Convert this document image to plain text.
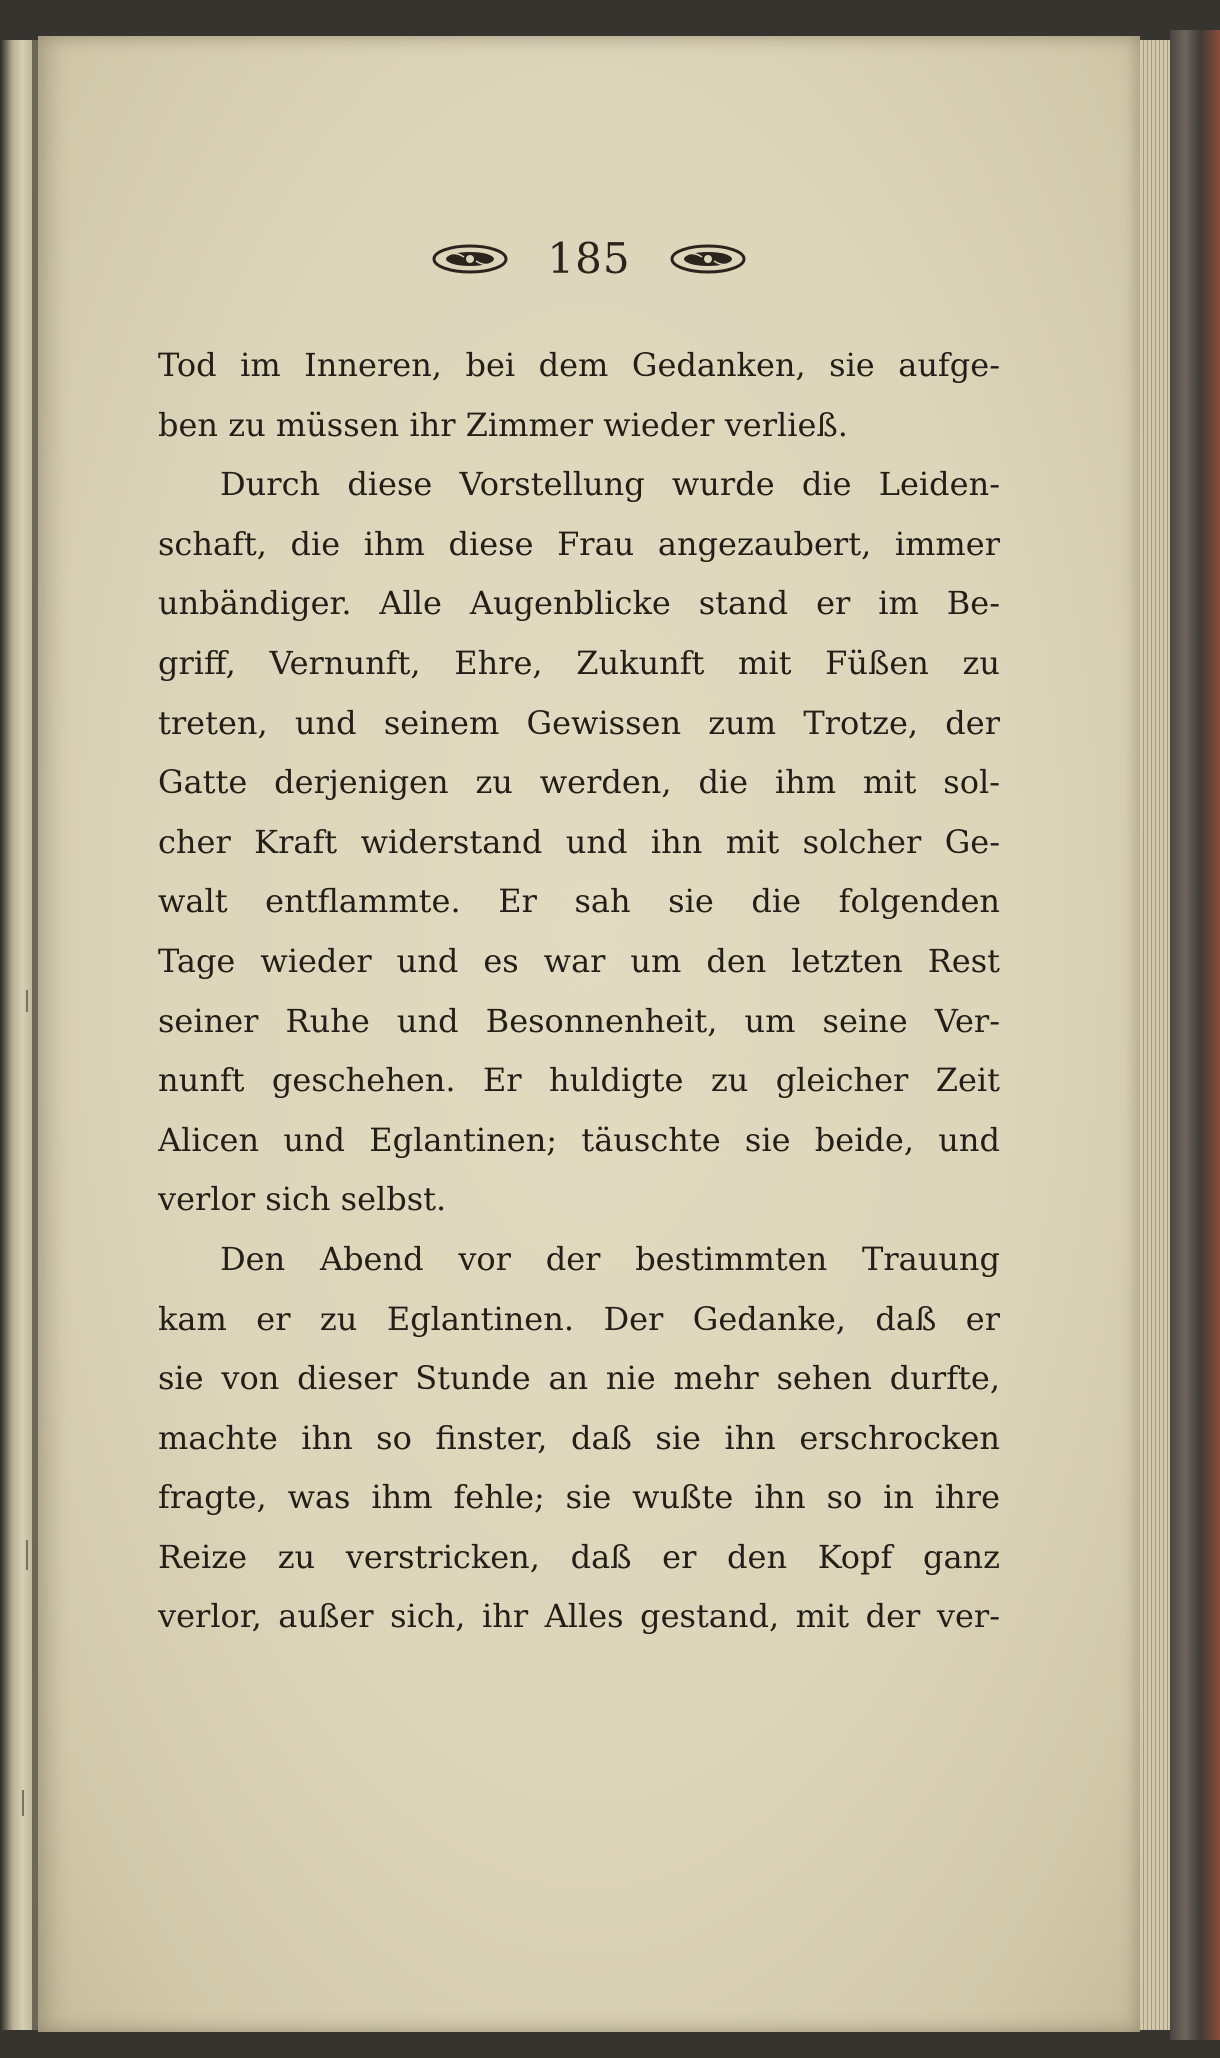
185
Tod im Inneren, bei dem Gedanken, sie aufge-
ben zu müssen ihr Zimmer wieder verließ.
Durch diese Vorstellung wurde die Leiden-
schaft, die ihm diese Frau angezaubert, immer
unbändiger. Alle Augenblicke stand er im Be-
griff, Vernunft, Ehre, Zukunft mit Füßen zu
treten, und seinem Gewissen zum Trotze, der
Gatte derjenigen zu werden, die ihm mit sol-
cher Kraft widerstand und ihn mit solcher Ge-
walt entflammte. Er sah sie die folgenden
Tage wieder und es war um den letzten Rest
seiner Ruhe und Besonnenheit, um seine Ver-
nunft geschehen. Er huldigte zu gleicher Zeit
Alicen und Eglantinen; täuschte sie beide, und
verlor sich selbst.
Den Abend vor der bestimmten Trauung
kam er zu Eglantinen. Der Gedanke, daß er
sie von dieser Stunde an nie mehr sehen durfte,
machte ihn so finster, daß sie ihn erschrocken
fragte, was ihm fehle; sie wußte ihn so in ihre
Reize zu verstricken, daß er den Kopf ganz
verlor, außer sich, ihr Alles gestand, mit der ver-
